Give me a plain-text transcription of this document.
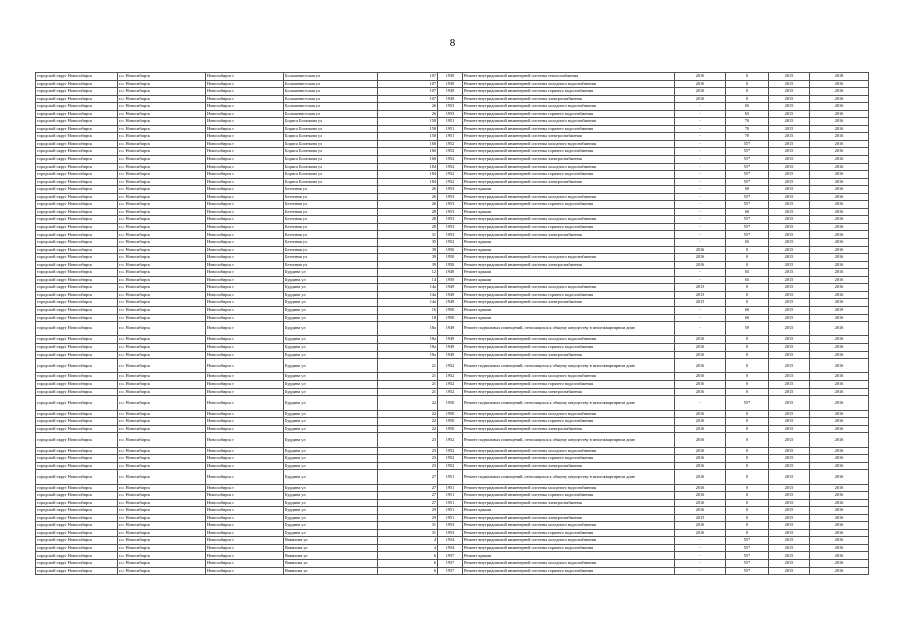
8
городской округ Новосибирск	г.о. Новосибирск	Новосибирск г	Большевистская ул	107	1930	Ремонт внутридомовой инженерной системы теплоснабжения	2016	0	2015	2018
городской округ Новосибирск	г.о. Новосибирск	Новосибирск г	Большевистская ул	107	1930	Ремонт внутридомовой инженерной системы холодного водоснабжения	2016	0	2015	2016
городской округ Новосибирск	г.о. Новосибирск	Новосибирск г	Большевистская ул	107	1930	Ремонт внутридомовой инженерной системы горячего водоснабжения	2016	0	2015	2016
городской округ Новосибирск	г.о. Новосибирск	Новосибирск г	Большевистская ул	107	1930	Ремонт внутридомовой инженерной системы электроснабжения	2016	0	2015	2016
городской округ Новосибирск	г.о. Новосибирск	Новосибирск г	Большевистская ул	26	1953	Ремонт внутридомовой инженерной системы холодного водоснабжения	-	65	2015	2016
городской округ Новосибирск	г.о. Новосибирск	Новосибирск г	Большевистская ул	26	1953	Ремонт внутридомовой инженерной системы горячего водоснабжения	-	65	2015	2016
городской округ Новосибирск	г.о. Новосибирск	Новосибирск г	Бориса Богаткова ул	158	1951	Ремонт внутридомовой инженерной системы холодного водоснабжения	-	70	2015	2016
городской округ Новосибирск	г.о. Новосибирск	Новосибирск г	Бориса Богаткова ул	158	1951	Ремонт внутридомовой инженерной системы горячего водоснабжения	-	70	2015	2016
городской округ Новосибирск	г.о. Новосибирск	Новосибирск г	Бориса Богаткова ул	158	1951	Ремонт внутридомовой инженерной системы электроснабжения	-	70	2015	2016
городской округ Новосибирск	г.о. Новосибирск	Новосибирск г	Бориса Богаткова ул	160	1952	Ремонт внутридомовой инженерной системы холодного водоснабжения	-	55*	2015	2016
городской округ Новосибирск	г.о. Новосибирск	Новосибирск г	Бориса Богаткова ул	160	1952	Ремонт внутридомовой инженерной системы горячего водоснабжения	-	55*	2015	2016
городской округ Новосибирск	г.о. Новосибирск	Новосибирск г	Бориса Богаткова ул	160	1952	Ремонт внутридомовой инженерной системы электроснабжения	-	55*	2015	2016
городской округ Новосибирск	г.о. Новосибирск	Новосибирск г	Бориса Богаткова ул	184	1952	Ремонт внутридомовой инженерной системы холодного водоснабжения	-	55*	2015	2016
городской округ Новосибирск	г.о. Новосибирск	Новосибирск г	Бориса Богаткова ул	184	1952	Ремонт внутридомовой инженерной системы горячего водоснабжения	-	55*	2015	2016
городской округ Новосибирск	г.о. Новосибирск	Новосибирск г	Бориса Богаткова ул	184	1952	Ремонт внутридомовой инженерной системы электроснабжения	-	55*	2015	2016
городской округ Новосибирск	г.о. Новосибирск	Новосибирск г	Бетонная ул	26	1953	Ремонт крыши	-	69	2015	2016
городской округ Новосибирск	г.о. Новосибирск	Новосибирск г	Бетонная ул	26	1953	Ремонт внутридомовой инженерной системы холодного водоснабжения	-	55*	2015	2016
городской округ Новосибирск	г.о. Новосибирск	Новосибирск г	Бетонная ул	26	1953	Ремонт внутридомовой инженерной системы горячего водоснабжения	-	55*	2015	2016
городской округ Новосибирск	г.о. Новосибирск	Новосибирск г	Бетонная ул	28	1953	Ремонт крыши	-	60	2015	2016
городской округ Новосибирск	г.о. Новосибирск	Новосибирск г	Бетонная ул	28	1953	Ремонт внутридомовой инженерной системы холодного водоснабжения	-	55*	2015	2016
городской округ Новосибирск	г.о. Новосибирск	Новосибирск г	Бетонная ул	28	1953	Ремонт внутридомовой инженерной системы горячего водоснабжения	-	55*	2015	2016
городской округ Новосибирск	г.о. Новосибирск	Новосибирск г	Бетонная ул	31	1953	Ремонт внутридомовой инженерной системы электроснабжения	-	55*	2015	2016
городской округ Новосибирск	г.о. Новосибирск	Новосибирск г	Бетонная ул	35	1952	Ремонт крыши	-	65	2015	2016
городской округ Новосибирск	г.о. Новосибирск	Новосибирск г	Бетонная ул	39	1950	Ремонт крыши	2016	0	2015	2016
городской округ Новосибирск	г.о. Новосибирск	Новосибирск г	Бетонная ул	39	1950	Ремонт внутридомовой инженерной системы холодного водоснабжения	2016	0	2015	2016
городской округ Новосибирск	г.о. Новосибирск	Новосибирск г	Бетонная ул	39	1950	Ремонт внутридомовой инженерной системы электроснабжения	2016	0	2015	2016
городской округ Новосибирск	г.о. Новосибирск	Новосибирск г	Бурдина ул	12	1949	Ремонт крыши	-	65	2015	2016
городской округ Новосибирск	г.о. Новосибирск	Новосибирск г	Бурдина ул	14	1950	Ремонт крыши	-	65	2015	2016
городской округ Новосибирск	г.о. Новосибирск	Новосибирск г	Бурдина ул	14а	1949	Ремонт внутридомовой инженерной системы холодного водоснабжения	2015	0	2015	2016
городской округ Новосибирск	г.о. Новосибирск	Новосибирск г	Бурдина ул	14а	1949	Ремонт внутридомовой инженерной системы горячего водоснабжения	2015	0	2015	2016
городской округ Новосибирск	г.о. Новосибирск	Новосибирск г	Бурдина ул	14а	1949	Ремонт внутридомовой инженерной системы электроснабжения	2015	0	2015	2016
городской округ Новосибирск	г.о. Новосибирск	Новосибирск г	Бурдина ул	16	1950	Ремонт крыши	-	60	2015	2019
городской округ Новосибирск	г.о. Новосибирск	Новосибирск г	Бурдина ул	18	1950	Ремонт крыши	-	60	2015	2016
городской округ Новосибирск	г.о. Новосибирск	Новосибирск г	Бурдина ул	18а	1949	Ремонт подвальных помещений, относящихся к общему имуществу в многоквартирном доме	-	59	2015	2016
городской округ Новосибирск	г.о. Новосибирск	Новосибирск г	Бурдина ул	18а	1949	Ремонт внутридомовой инженерной системы холодного водоснабжения	2016	0	2015	2016
городской округ Новосибирск	г.о. Новосибирск	Новосибирск г	Бурдина ул	18а	1949	Ремонт внутридомовой инженерной системы горячего водоснабжения	2016	0	2015	2016
городской округ Новосибирск	г.о. Новосибирск	Новосибирск г	Бурдина ул	18а	1949	Ремонт внутридомовой инженерной системы электроснабжения	2016	0	2015	2016
городской округ Новосибирск	г.о. Новосибирск	Новосибирск г	Бурдина ул	21	1952	Ремонт подвальных помещений, относящихся к общему имуществу в многоквартирном доме	2016	0	2015	2016
городской округ Новосибирск	г.о. Новосибирск	Новосибирск г	Бурдина ул	21	1952	Ремонт внутридомовой инженерной системы холодного водоснабжения	2016	0	2015	2016
городской округ Новосибирск	г.о. Новосибирск	Новосибирск г	Бурдина ул	21	1952	Ремонт внутридомовой инженерной системы горячего водоснабжения	2016	0	2015	2016
городской округ Новосибирск	г.о. Новосибирск	Новосибирск г	Бурдина ул	21	1952	Ремонт внутридомовой инженерной системы электроснабжения	2016	0	2015	2016
городской округ Новосибирск	г.о. Новосибирск	Новосибирск г	Бурдина ул	22	1950	Ремонт подвальных помещений, относящихся к общему имуществу в многоквартирном доме	-	55*	2015	2016
городской округ Новосибирск	г.о. Новосибирск	Новосибирск г	Бурдина ул	22	1950	Ремонт внутридомовой инженерной системы холодного водоснабжения	2016	0	2015	2016
городской округ Новосибирск	г.о. Новосибирск	Новосибирск г	Бурдина ул	22	1950	Ремонт внутридомовой инженерной системы горячего водоснабжения	2016	0	2015	2016
городской округ Новосибирск	г.о. Новосибирск	Новосибирск г	Бурдина ул	22	1950	Ремонт внутридомовой инженерной системы электроснабжения	2016	0	2015	2016
городской округ Новосибирск	г.о. Новосибирск	Новосибирск г	Бурдина ул	23	1952	Ремонт подвальных помещений, относящихся к общему имуществу в многоквартирном доме	2016	0	2015	2016
городской округ Новосибирск	г.о. Новосибирск	Новосибирск г	Бурдина ул	23	1952	Ремонт внутридомовой инженерной системы холодного водоснабжения	2016	0	2015	2016
городской округ Новосибирск	г.о. Новосибирск	Новосибирск г	Бурдина ул	23	1952	Ремонт внутридомовой инженерной системы горячего водоснабжения	2016	0	2015	2016
городской округ Новосибирск	г.о. Новосибирск	Новосибирск г	Бурдина ул	23	1952	Ремонт внутридомовой инженерной системы электроснабжения	2016	0	2015	2016
городской округ Новосибирск	г.о. Новосибирск	Новосибирск г	Бурдина ул	27	1951	Ремонт подвальных помещений, относящихся к общему имуществу в многоквартирном доме	2016	0	2015	2016
городской округ Новосибирск	г.о. Новосибирск	Новосибирск г	Бурдина ул	27	1951	Ремонт внутридомовой инженерной системы холодного водоснабжения	2016	0	2015	2016
городской округ Новосибирск	г.о. Новосибирск	Новосибирск г	Бурдина ул	27	1951	Ремонт внутридомовой инженерной системы горячего водоснабжения	2016	0	2015	2016
городской округ Новосибирск	г.о. Новосибирск	Новосибирск г	Бурдина ул	27	1951	Ремонт внутридомовой инженерной системы электроснабжения	2016	0	2015	2016
городской округ Новосибирск	г.о. Новосибирск	Новосибирск г	Бурдина ул	29	1951	Ремонт крыши	2016	0	2015	2016
городской округ Новосибирск	г.о. Новосибирск	Новосибирск г	Бурдина ул	29	1951	Ремонт внутридомовой инженерной системы электроснабжения	2015	0	2015	2016
городской округ Новосибирск	г.о. Новосибирск	Новосибирск г	Бурдина ул	31	1953	Ремонт внутридомовой инженерной системы холодного водоснабжения	2016	0	2015	2016
городской округ Новосибирск	г.о. Новосибирск	Новосибирск г	Бурдина ул	31	1953	Ремонт внутридомовой инженерной системы горячего водоснабжения	2016	0	2015	2016
городской округ Новосибирск	г.о. Новосибирск	Новосибирск г	Вавилова ул	4	1954	Ремонт внутридомовой инженерной системы холодного водоснабжения	-	55*	2015	2016
городской округ Новосибирск	г.о. Новосибирск	Новосибирск г	Вавилова ул	4	1954	Ремонт внутридомовой инженерной системы горячего водоснабжения	-	55*	2015	2016
городской округ Новосибирск	г.о. Новосибирск	Новосибирск г	Вавилова ул	6	1957	Ремонт крыши	-	55*	2015	2016
городской округ Новосибирск	г.о. Новосибирск	Новосибирск г	Вавилова ул	6	1957	Ремонт внутридомовой инженерной системы холодного водоснабжения	-	55*	2015	2016
городской округ Новосибирск	г.о. Новосибирск	Новосибирск г	Вавилова ул	6	1957	Ремонт внутридомовой инженерной системы горячего водоснабжения	-	55*	2015	2016
